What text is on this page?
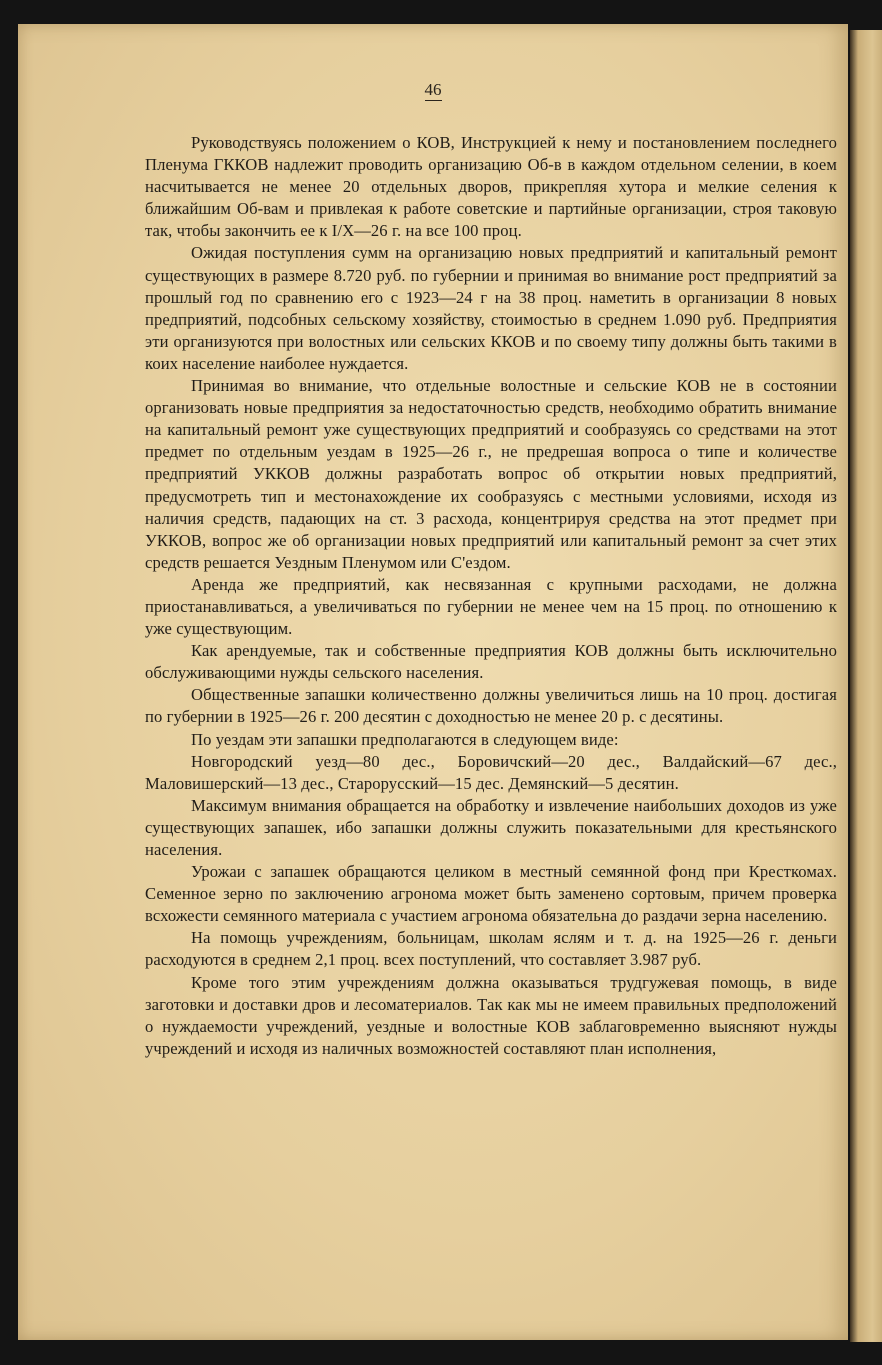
46

Руководствуясь положением о КОВ, Инструкцией к нему и постановлением последнего Пленума ГККОВ надлежит проводить организацию Об-в в каждом отдельном селении, в коем насчитывается не менее 20 отдельных дворов, прикрепляя хутора и мелкие селения к ближайшим Об-вам и привлекая к работе советские и партийные организации, строя таковую так, чтобы закончить ее к I/X—26 г. на все 100 проц.

Ожидая поступления сумм на организацию новых предприятий и капитальный ремонт существующих в размере 8.720 руб. по губернии и принимая во внимание рост предприятий за прошлый год по сравнению его с 1923—24 г на 38 проц. наметить в организации 8 новых предприятий, подсобных сельскому хозяйству, стоимостью в среднем 1.090 руб. Предприятия эти организуются при волостных или сельских ККОВ и по своему типу должны быть такими в коих население наиболее нуждается.

Принимая во внимание, что отдельные волостные и сельские КОВ не в состоянии организовать новые предприятия за недостаточностью средств, необходимо обратить внимание на капитальный ремонт уже существующих предприятий и сообразуясь со средствами на этот предмет по отдельным уездам в 1925—26 г., не предрешая вопроса о типе и количестве предприятий УККОВ должны разработать вопрос об открытии новых предприятий, предусмотреть тип и местонахождение их сообразуясь с местными условиями, исходя из наличия средств, падающих на ст. 3 расхода, концентрируя средства на этот предмет при УККОВ, вопрос же об организации новых предприятий или капитальный ремонт за счет этих средств решается Уездным Пленумом или С'ездом.

Аренда же предприятий, как несвязанная с крупными расходами, не должна приостанавливаться, а увеличиваться по губернии не менее чем на 15 проц. по отношению к уже существующим.

Как арендуемые, так и собственные предприятия КОВ должны быть исключительно обслуживающими нужды сельского населения.

Общественные запашки количественно должны увеличиться лишь на 10 проц. достигая по губернии в 1925—26 г. 200 десятин с доходностью не менее 20 р. с десятины.

По уездам эти запашки предполагаются в следующем виде:

Новгородский уезд—80 дес., Боровичский—20 дес., Валдайский—67 дес., Маловишерский—13 дес., Старорусский—15 дес. Демянский—5 десятин.

Максимум внимания обращается на обработку и извлечение наибольших доходов из уже существующих запашек, ибо запашки должны служить показательными для крестьянского населения.

Урожаи с запашек обращаются целиком в местный семянной фонд при Кресткомах. Семенное зерно по заключению агронома может быть заменено сортовым, причем проверка всхожести семянного материала с участием агронома обязательна до раздачи зерна населению.

На помощь учреждениям, больницам, школам яслям и т. д. на 1925—26 г. деньги расходуются в среднем 2,1 проц. всех поступлений, что составляет 3.987 руб.

Кроме того этим учреждениям должна оказываться трудгужевая помощь, в виде заготовки и доставки дров и лесоматериалов. Так как мы не имеем правильных предположений о нуждаемости учреждений, уездные и волостные КОВ заблаговременно выясняют нужды учреждений и исходя из наличных возможностей составляют план исполнения,
